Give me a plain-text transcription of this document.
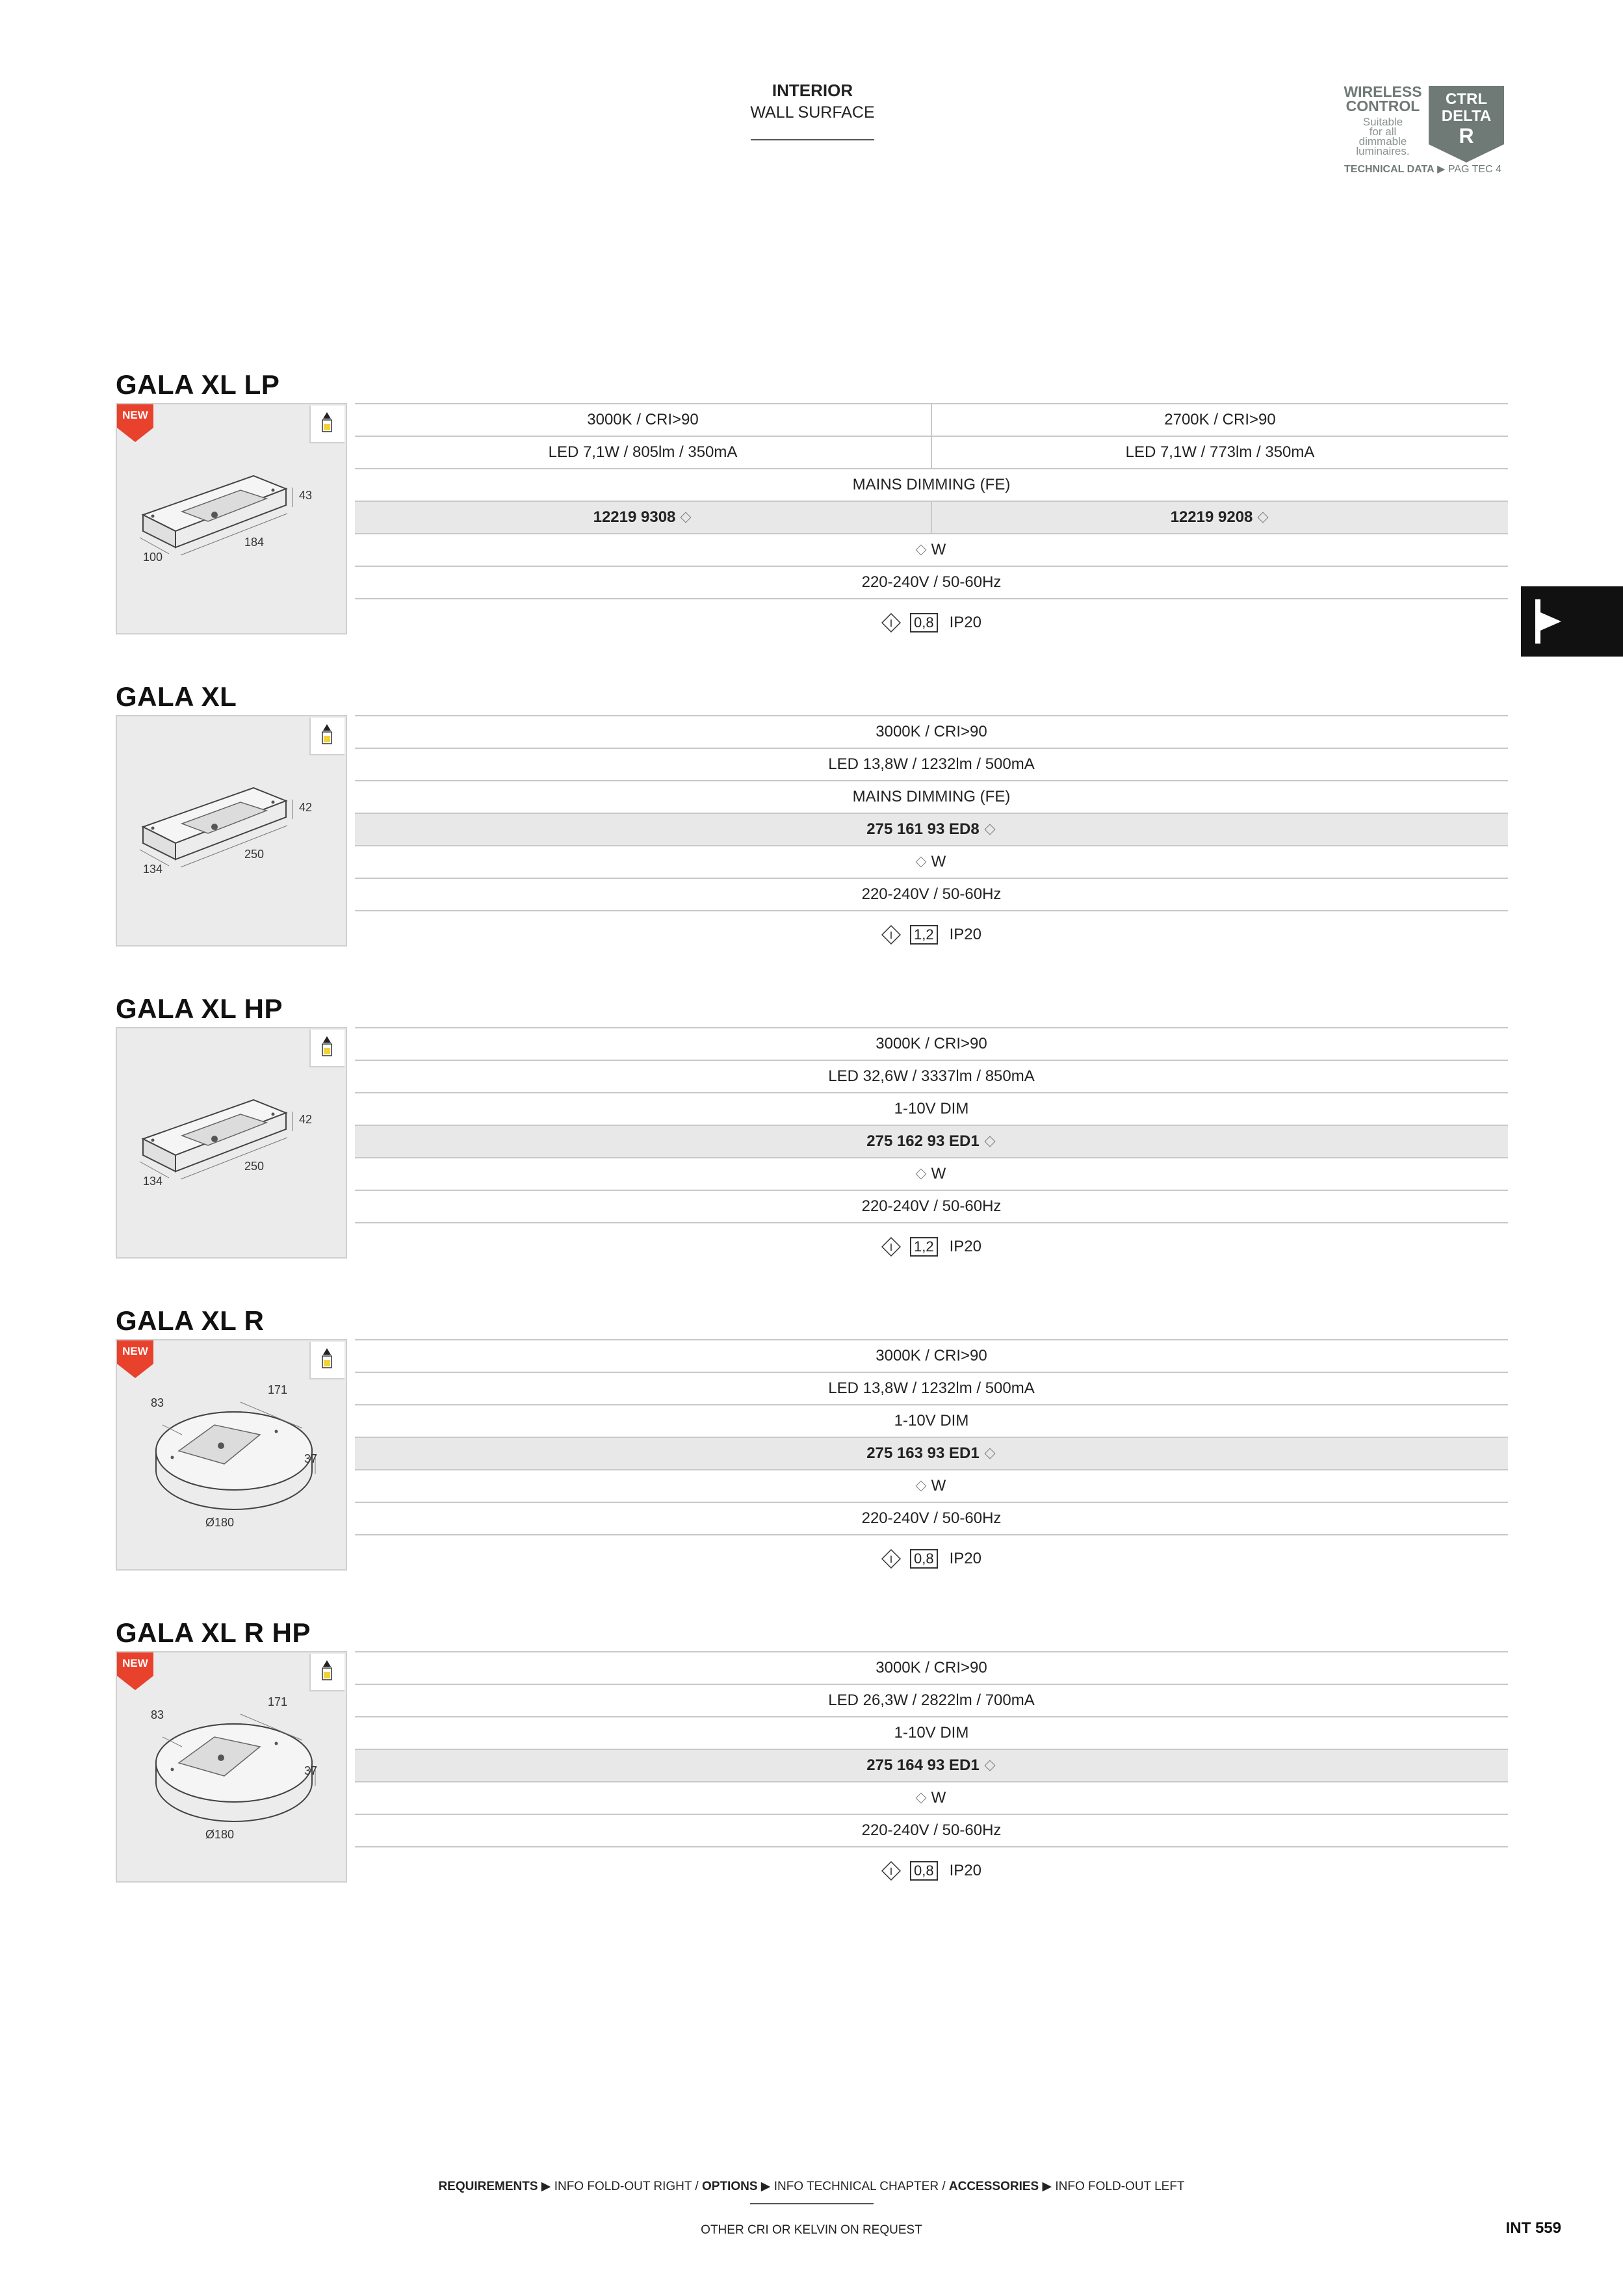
INTERIOR
WALL SURFACE
WIRELESS
CONTROL
Suitable
for all
dimmable
luminaires.
CTRL
DELTA
R
TECHNICAL DATA ▶ PAG TEC 4
GALA XL LP
43
184
100
NEW	3000K / CRI>90	2700K / CRI>90
LED 7,1W / 805lm / 350mA	LED 7,1W / 773lm / 350mA
MAINS DIMMING (FE)
12219 9308	12219 9208
W
220-240V / 50-60Hz
I 0,8 IP20
GALA XL
42
250
134
3000K / CRI>90
LED 13,8W / 1232lm / 500mA
MAINS DIMMING (FE)
275 161 93 ED8
W
220-240V / 50-60Hz
I 1,2 IP20
GALA XL HP
42
250
134
3000K / CRI>90
LED 32,6W / 3337lm / 850mA
1-10V DIM
275 162 93 ED1
W
220-240V / 50-60Hz
I 1,2 IP20
GALA XL R
171
83
37
Ø180
NEW	3000K / CRI>90
LED 13,8W / 1232lm / 500mA
1-10V DIM
275 163 93 ED1
W
220-240V / 50-60Hz
I 0,8 IP20
GALA XL R HP
171
83
37
Ø180
NEW	3000K / CRI>90
LED 26,3W / 2822lm / 700mA
1-10V DIM
275 164 93 ED1
W
220-240V / 50-60Hz
I 0,8 IP20
REQUIREMENTS ▶ INFO FOLD-OUT RIGHT / OPTIONS ▶ INFO TECHNICAL CHAPTER / ACCESSORIES ▶ INFO FOLD-OUT LEFT
OTHER CRI OR KELVIN ON REQUEST	INT 559
